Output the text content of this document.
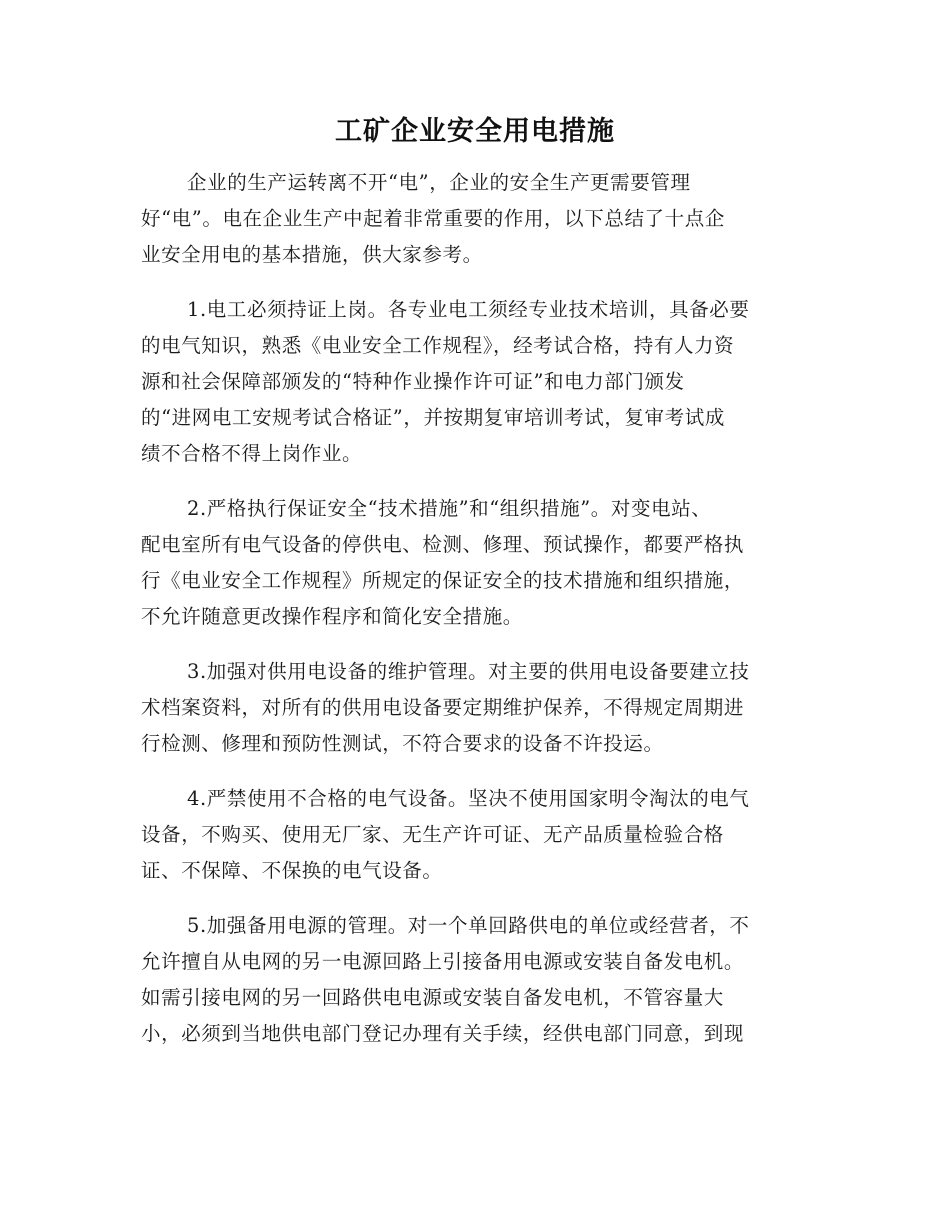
工矿企业安全用电措施
企业的生产运转离不开“电”，企业的安全生产更需要管理
好“电”。电在企业生产中起着非常重要的作用，以下总结了十点企
业安全用电的基本措施，供大家参考。
1.电工必须持证上岗。各专业电工须经专业技术培训，具备必要
的电气知识，熟悉《电业安全工作规程》，经考试合格，持有人力资
源和社会保障部颁发的“特种作业操作许可证”和电力部门颁发
的“进网电工安规考试合格证”，并按期复审培训考试，复审考试成
绩不合格不得上岗作业。
2.严格执行保证安全“技术措施”和“组织措施”。对变电站、
配电室所有电气设备的停供电、检测、修理、预试操作，都要严格执
行《电业安全工作规程》所规定的保证安全的技术措施和组织措施，
不允许随意更改操作程序和简化安全措施。
3.加强对供用电设备的维护管理。对主要的供用电设备要建立技
术档案资料，对所有的供用电设备要定期维护保养，不得规定周期进
行检测、修理和预防性测试，不符合要求的设备不许投运。
4.严禁使用不合格的电气设备。坚决不使用国家明令淘汰的电气
设备，不购买、使用无厂家、无生产许可证、无产品质量检验合格
证、不保障、不保换的电气设备。
5.加强备用电源的管理。对一个单回路供电的单位或经营者，不
允许擅自从电网的另一电源回路上引接备用电源或安装自备发电机。
如需引接电网的另一回路供电电源或安装自备发电机，不管容量大
小，必须到当地供电部门登记办理有关手续，经供电部门同意，到现
